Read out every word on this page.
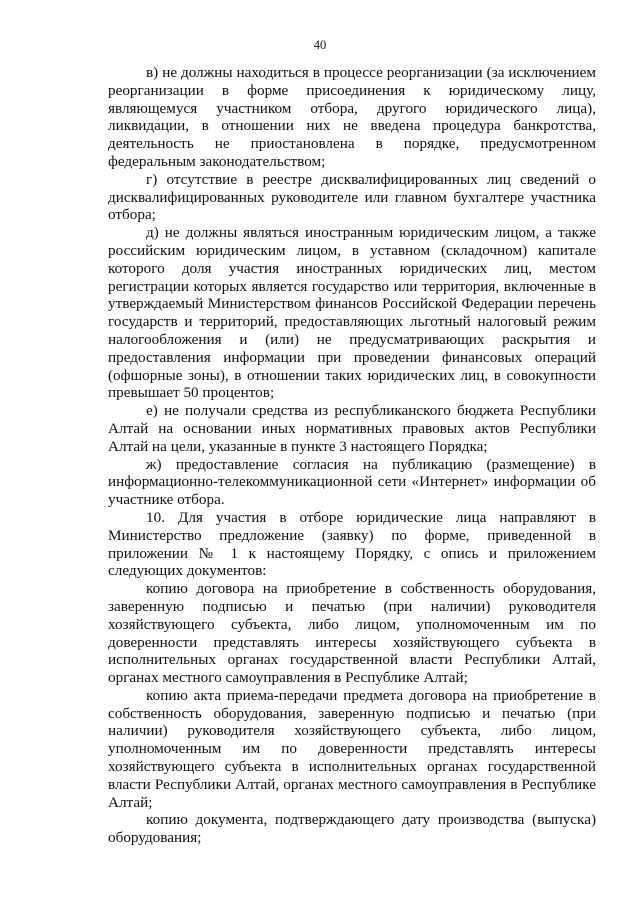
40

в) не должны находиться в процессе реорганизации (за исключением реорганизации в форме присоединения к юридическому лицу, являющемуся участником отбора, другого юридического лица), ликвидации, в отношении них не введена процедура банкротства, деятельность не приостановлена в порядке, предусмотренном федеральным законодательством;

г) отсутствие в реестре дисквалифицированных лиц сведений о дисквалифицированных руководителе или главном бухгалтере участника отбора;

д) не должны являться иностранным юридическим лицом, а также российским юридическим лицом, в уставном (складочном) капитале которого доля участия иностранных юридических лиц, местом регистрации которых является государство или территория, включенные в утверждаемый Министерством финансов Российской Федерации перечень государств и территорий, предоставляющих льготный налоговый режим налогообложения и (или) не предусматривающих раскрытия и предоставления информации при проведении финансовых операций (офшорные зоны), в отношении таких юридических лиц, в совокупности превышает 50 процентов;

е) не получали средства из республиканского бюджета Республики Алтай на основании иных нормативных правовых актов Республики Алтай на цели, указанные в пункте 3 настоящего Порядка;

ж) предоставление согласия на публикацию (размещение) в информационно-телекоммуникационной сети «Интернет» информации об участнике отбора.

10. Для участия в отборе юридические лица направляют в Министерство предложение (заявку) по форме, приведенной в приложении № 1 к настоящему Порядку, с опись и приложением следующих документов:

копию договора на приобретение в собственность оборудования, заверенную подписью и печатью (при наличии) руководителя хозяйствующего субъекта, либо лицом, уполномоченным им по доверенности представлять интересы хозяйствующего субъекта в исполнительных органах государственной власти Республики Алтай, органах местного самоуправления в Республике Алтай;

копию акта приема-передачи предмета договора на приобретение в собственность оборудования, заверенную подписью и печатью (при наличии) руководителя хозяйствующего субъекта, либо лицом, уполномоченным им по доверенности представлять интересы хозяйствующего субъекта в исполнительных органах государственной власти Республики Алтай, органах местного самоуправления в Республике Алтай;

копию документа, подтверждающего дату производства (выпуска) оборудования;
